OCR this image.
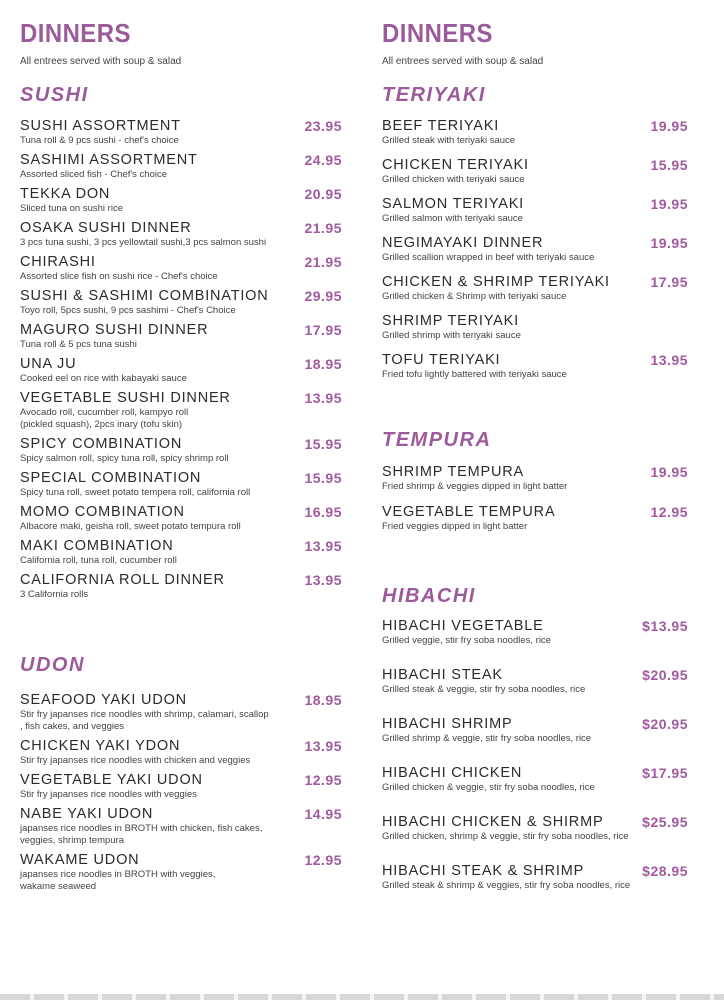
DINNERS
All entrees served with soup & salad
SUSHI
SUSHI ASSORTMENT	23.95
Tuna roll & 9 pcs sushi - chef's choice
SASHIMI ASSORTMENT	24.95
Assorted sliced fish - Chef's choice
TEKKA DON	20.95
Sliced tuna on sushi rice
OSAKA SUSHI DINNER	21.95
3 pcs tuna sushi, 3 pcs yellowtail sushi,3 pcs salmon sushi
CHIRASHI	21.95
Assorted slice fish on sushi rice - Chef's choice
SUSHI & SASHIMI COMBINATION	29.95
Toyo roll, 5pcs sushi, 9 pcs sashimi - Chef's Choice
MAGURO SUSHI DINNER	17.95
Tuna roll & 5 pcs tuna sushi
UNA JU	18.95
Cooked eel on rice with kabayaki sauce
VEGETABLE SUSHI DINNER	13.95
Avocado roll, cucumber roll, kampyo roll
(pickled squash), 2pcs inary (tofu skin)
SPICY COMBINATION	15.95
Spicy salmon roll, spicy tuna roll, spicy shrimp roll
SPECIAL COMBINATION	15.95
Spicy tuna roll, sweet potato tempera roll, california roll
MOMO COMBINATION	16.95
Albacore maki, geisha roll, sweet potato tempura roll
MAKI COMBINATION	13.95
California roll, tuna roll, cucumber roll
CALIFORNIA ROLL DINNER	13.95
3 California rolls
UDON
SEAFOOD YAKI UDON	18.95
Stir fry japanses rice noodles with shrimp, calamari, scallop
, fish cakes, and veggies
CHICKEN YAKI YDON	13.95
Stir fry japanses rice noodles with chicken and veggies
VEGETABLE YAKI UDON	12.95
Stir fry japanses rice noodles with veggies
NABE YAKI UDON	14.95
japanses rice noodles in BROTH with chicken, fish cakes,
veggies, shrimp tempura
WAKAME UDON	12.95
japanses rice noodles in BROTH with veggies,
wakame seaweed
DINNERS
All entrees served with soup & salad
TERIYAKI
BEEF TERIYAKI	19.95
Grilled steak with teriyaki sauce
CHICKEN TERIYAKI	15.95
Grilled chicken with teriyaki sauce
SALMON TERIYAKI	19.95
Grilled salmon with teriyaki sauce
NEGIMAYAKI DINNER	19.95
Grilled scallion wrapped in beef with teriyaki sauce
CHICKEN & SHRIMP TERIYAKI	17.95
Grilled chicken & Shrimp with teriyaki sauce
SHRIMP TERIYAKI
Grilled shrimp with teriyaki sauce
TOFU TERIYAKI	13.95
Fried tofu lightly battered with teriyaki sauce
TEMPURA
SHRIMP TEMPURA	19.95
Fried shrimp & veggies dipped in light batter
VEGETABLE TEMPURA	12.95
Fried veggies dipped in light batter
HIBACHI
HIBACHI VEGETABLE	$13.95
Grilled veggie, stir fry soba noodles, rice
HIBACHI STEAK	$20.95
Grilled steak & veggie, stir fry soba noodles, rice
HIBACHI SHRIMP	$20.95
Grilled shrimp & veggie, stir fry soba noodles, rice
HIBACHI CHICKEN	$17.95
Grilled chicken & veggie, stir fry soba noodles, rice
HIBACHI CHICKEN & SHIRMP	$25.95
Grilled chicken, shrimp & veggie, stir fry soba noodles, rice
HIBACHI STEAK & SHRIMP	$28.95
Grilled steak & shrimp & veggies, stir fry soba noodles, rice
